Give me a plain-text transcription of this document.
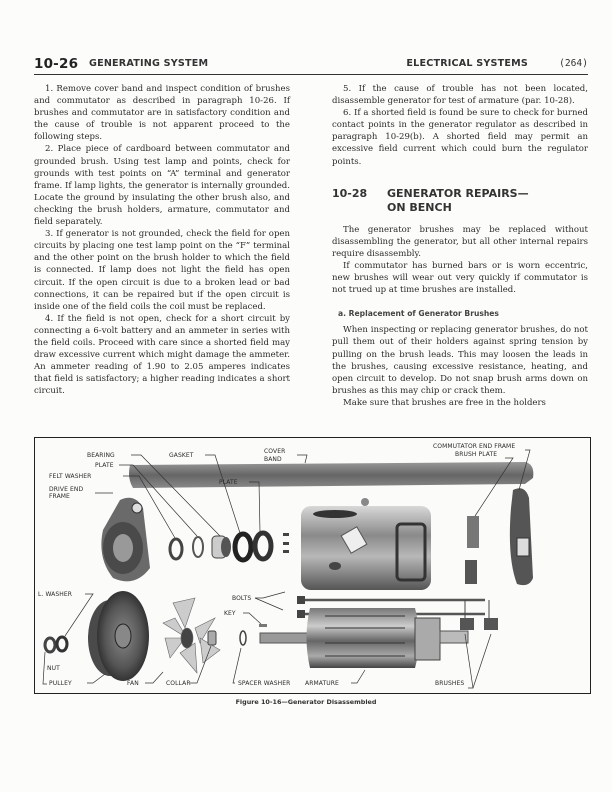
10-26 GENERATING SYSTEM	ELECTRICAL SYSTEMS	(264)

1. Remove cover band and inspect condition of brushes and commutator as described in paragraph 10-26. If brushes and commutator are in satisfactory condition and the cause of trouble is not apparent proceed to the following steps.

2. Place piece of cardboard between commutator and grounded brush. Using test lamp and points, check for grounds with test points on “A” terminal and generator frame. If lamp lights, the generator is internally grounded. Locate the ground by insulating the other brush also, and checking the brush holders, armature, commutator and field separately.

3. If generator is not grounded, check the field for open circuits by placing one test lamp point on the “F” terminal and the other point on the brush holder to which the field is connected. If lamp does not light the field has open circuit. If the open circuit is due to a broken lead or bad connections, it can be repaired but if the open circuit is inside one of the field coils the coil must be replaced.

4. If the field is not open, check for a short circuit by connecting a 6-volt battery and an ammeter in series with the field coils. Proceed with care since a shorted field may draw excessive current which might damage the ammeter. An ammeter reading of 1.90 to 2.05 amperes indicates that field is satisfactory; a higher reading indicates a short circuit.

5. If the cause of trouble has not been located, disassemble generator for test of armature (par. 10-28).

6. If a shorted field is found be sure to check for burned contact points in the generator regulator as described in paragraph 10-29(b). A shorted field may permit an excessive field current which could burn the regulator points.

10-28 GENERATOR REPAIRS—
ON BENCH

The generator brushes may be replaced without disassembling the generator, but all other internal repairs require disassembly.

If commutator has burned bars or is worn eccentric, new brushes will wear out very quickly if commutator is not trued up at time brushes are installed.

a. Replacement of Generator Brushes

When inspecting or replacing generator brushes, do not pull them out of their holders against spring tension by pulling on the brush leads. This may loosen the leads in the brushes, causing excessive resistance, heating, and open circuit to develop. Do not snap brush arms down on brushes as this may chip or crack them.

Make sure that brushes are free in the holders

BEARING
PLATE
FELT WASHER
DRIVE END
FRAME
GASKET
PLATE
COVER
BAND
COMMUTATOR END FRAME
BRUSH PLATE
L. WASHER
NUT
PULLEY	FAN	COLLAR
BOLTS
KEY
SPACER WASHER ARMATURE	BRUSHES
Figure 10-16—Generator Disassembled
